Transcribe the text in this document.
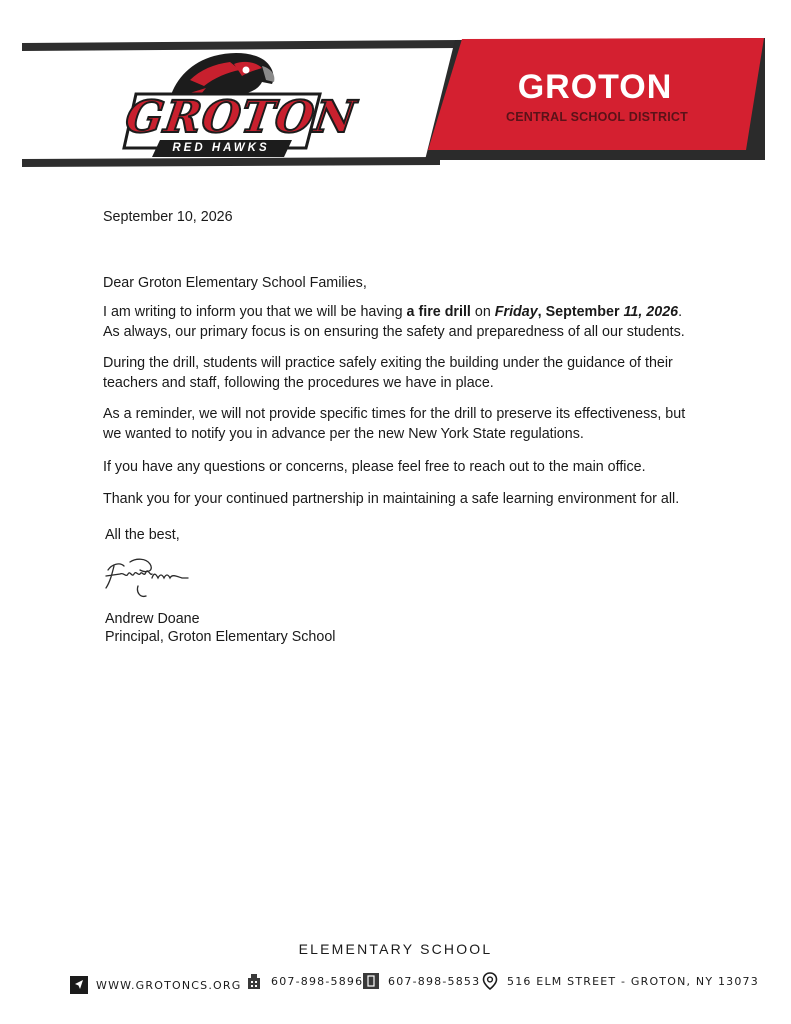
GROTON
RED HAWKS
GROTON
CENTRAL SCHOOL DISTRICT
September 10, 2026
Dear Groton Elementary School Families,
I am writing to inform you that we will be having a fire drill on Friday, September 11, 2026. As always, our primary focus is on ensuring the safety and preparedness of all our students.
During the drill, students will practice safely exiting the building under the guidance of their teachers and staff, following the procedures we have in place.
As a reminder, we will not provide specific times for the drill to preserve its effectiveness, but we wanted to notify you in advance per the new New York State regulations.
If you have any questions or concerns, please feel free to reach out to the main office.
Thank you for your continued partnership in maintaining a safe learning environment for all.
All the best,
Andrew Doane
Principal, Groton Elementary School
ELEMENTARY SCHOOL
WWW.GROTONCS.ORG	607-898-5896 607-898-5853 516 ELM STREET - GROTON, NY 13073
